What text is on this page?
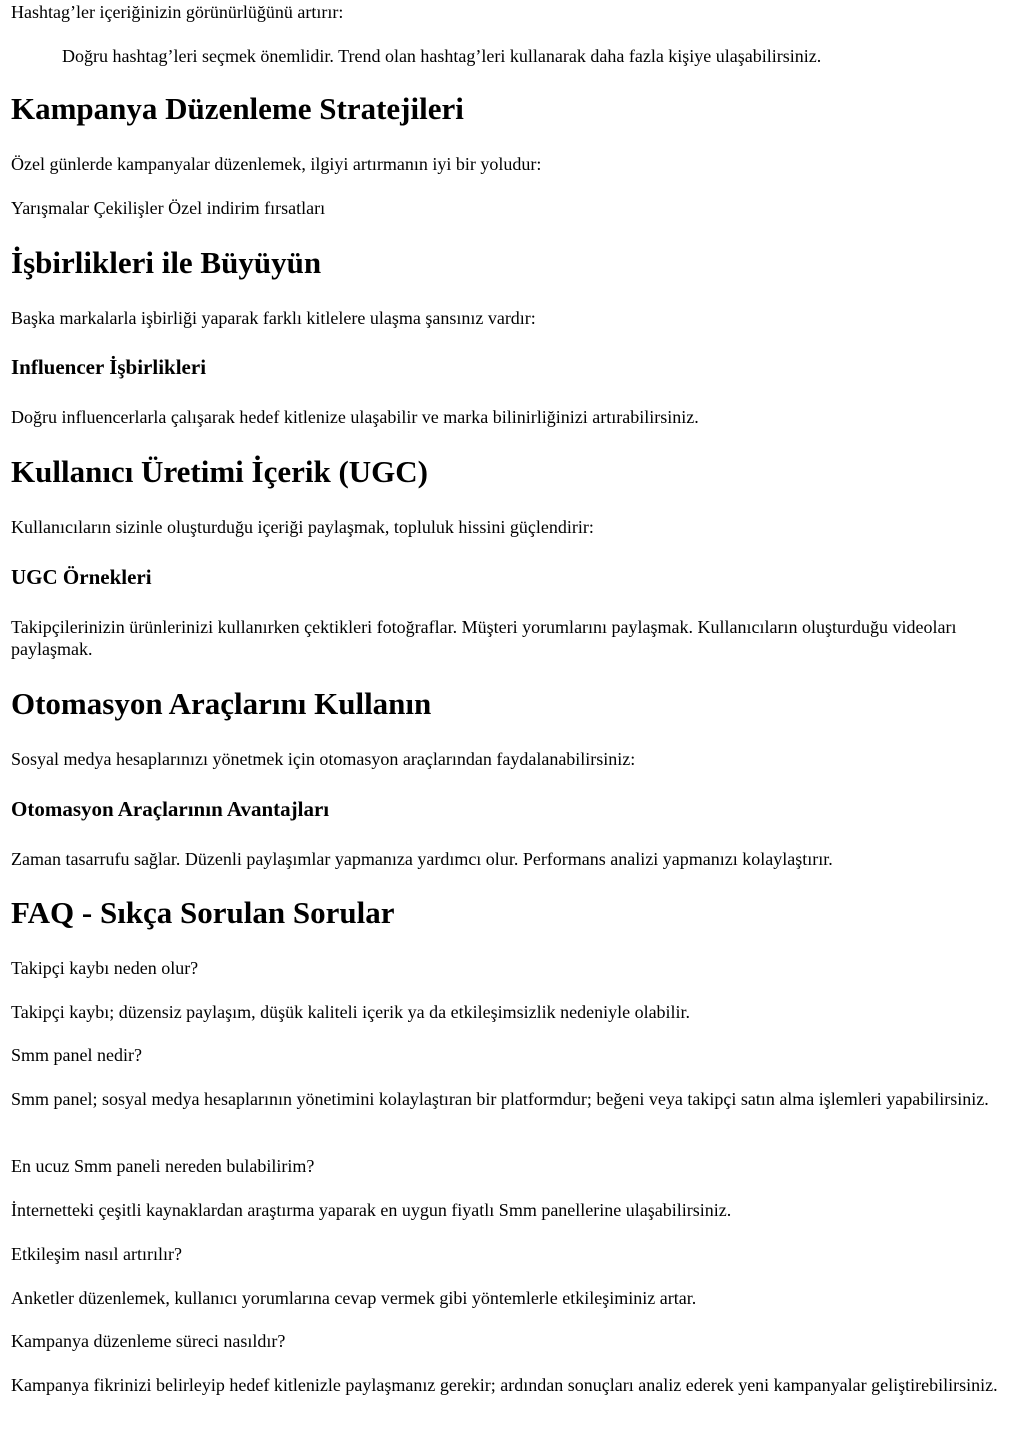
Hashtag’ler içeriğinizin görünürlüğünü artırır:

Doğru hashtag’leri seçmek önemlidir. Trend olan hashtag’leri kullanarak daha fazla kişiye ulaşabilirsiniz.

Kampanya Düzenleme Stratejileri

Özel günlerde kampanyalar düzenlemek, ilgiyi artırmanın iyi bir yoludur:

Yarışmalar Çekilişler Özel indirim fırsatları

İşbirlikleri ile Büyüyün

Başka markalarla işbirliği yaparak farklı kitlelere ulaşma şansınız vardır:

Influencer İşbirlikleri

Doğru influencerlarla çalışarak hedef kitlenize ulaşabilir ve marka bilinirliğinizi artırabilirsiniz.

Kullanıcı Üretimi İçerik (UGC)

Kullanıcıların sizinle oluşturduğu içeriği paylaşmak, topluluk hissini güçlendirir:

UGC Örnekleri

Takipçilerinizin ürünlerinizi kullanırken çektikleri fotoğraflar. Müşteri yorumlarını paylaşmak. Kullanıcıların oluşturduğu videoları paylaşmak.

Otomasyon Araçlarını Kullanın

Sosyal medya hesaplarınızı yönetmek için otomasyon araçlarından faydalanabilirsiniz:

Otomasyon Araçlarının Avantajları

Zaman tasarrufu sağlar. Düzenli paylaşımlar yapmanıza yardımcı olur. Performans analizi yapmanızı kolaylaştırır.

FAQ - Sıkça Sorulan Sorular

Takipçi kaybı neden olur?

Takipçi kaybı; düzensiz paylaşım, düşük kaliteli içerik ya da etkileşimsizlik nedeniyle olabilir.

Smm panel nedir?

Smm panel; sosyal medya hesaplarının yönetimini kolaylaştıran bir platformdur; beğeni veya takipçi satın alma işlemleri yapabilirsiniz.

En ucuz Smm paneli nereden bulabilirim?

İnternetteki çeşitli kaynaklardan araştırma yaparak en uygun fiyatlı Smm panellerine ulaşabilirsiniz.

Etkileşim nasıl artırılır?

Anketler düzenlemek, kullanıcı yorumlarına cevap vermek gibi yöntemlerle etkileşiminiz artar.

Kampanya düzenleme süreci nasıldır?

Kampanya fikrinizi belirleyip hedef kitlenizle paylaşmanız gerekir; ardından sonuçları analiz ederek yeni kampanyalar geliştirebilirsiniz.
